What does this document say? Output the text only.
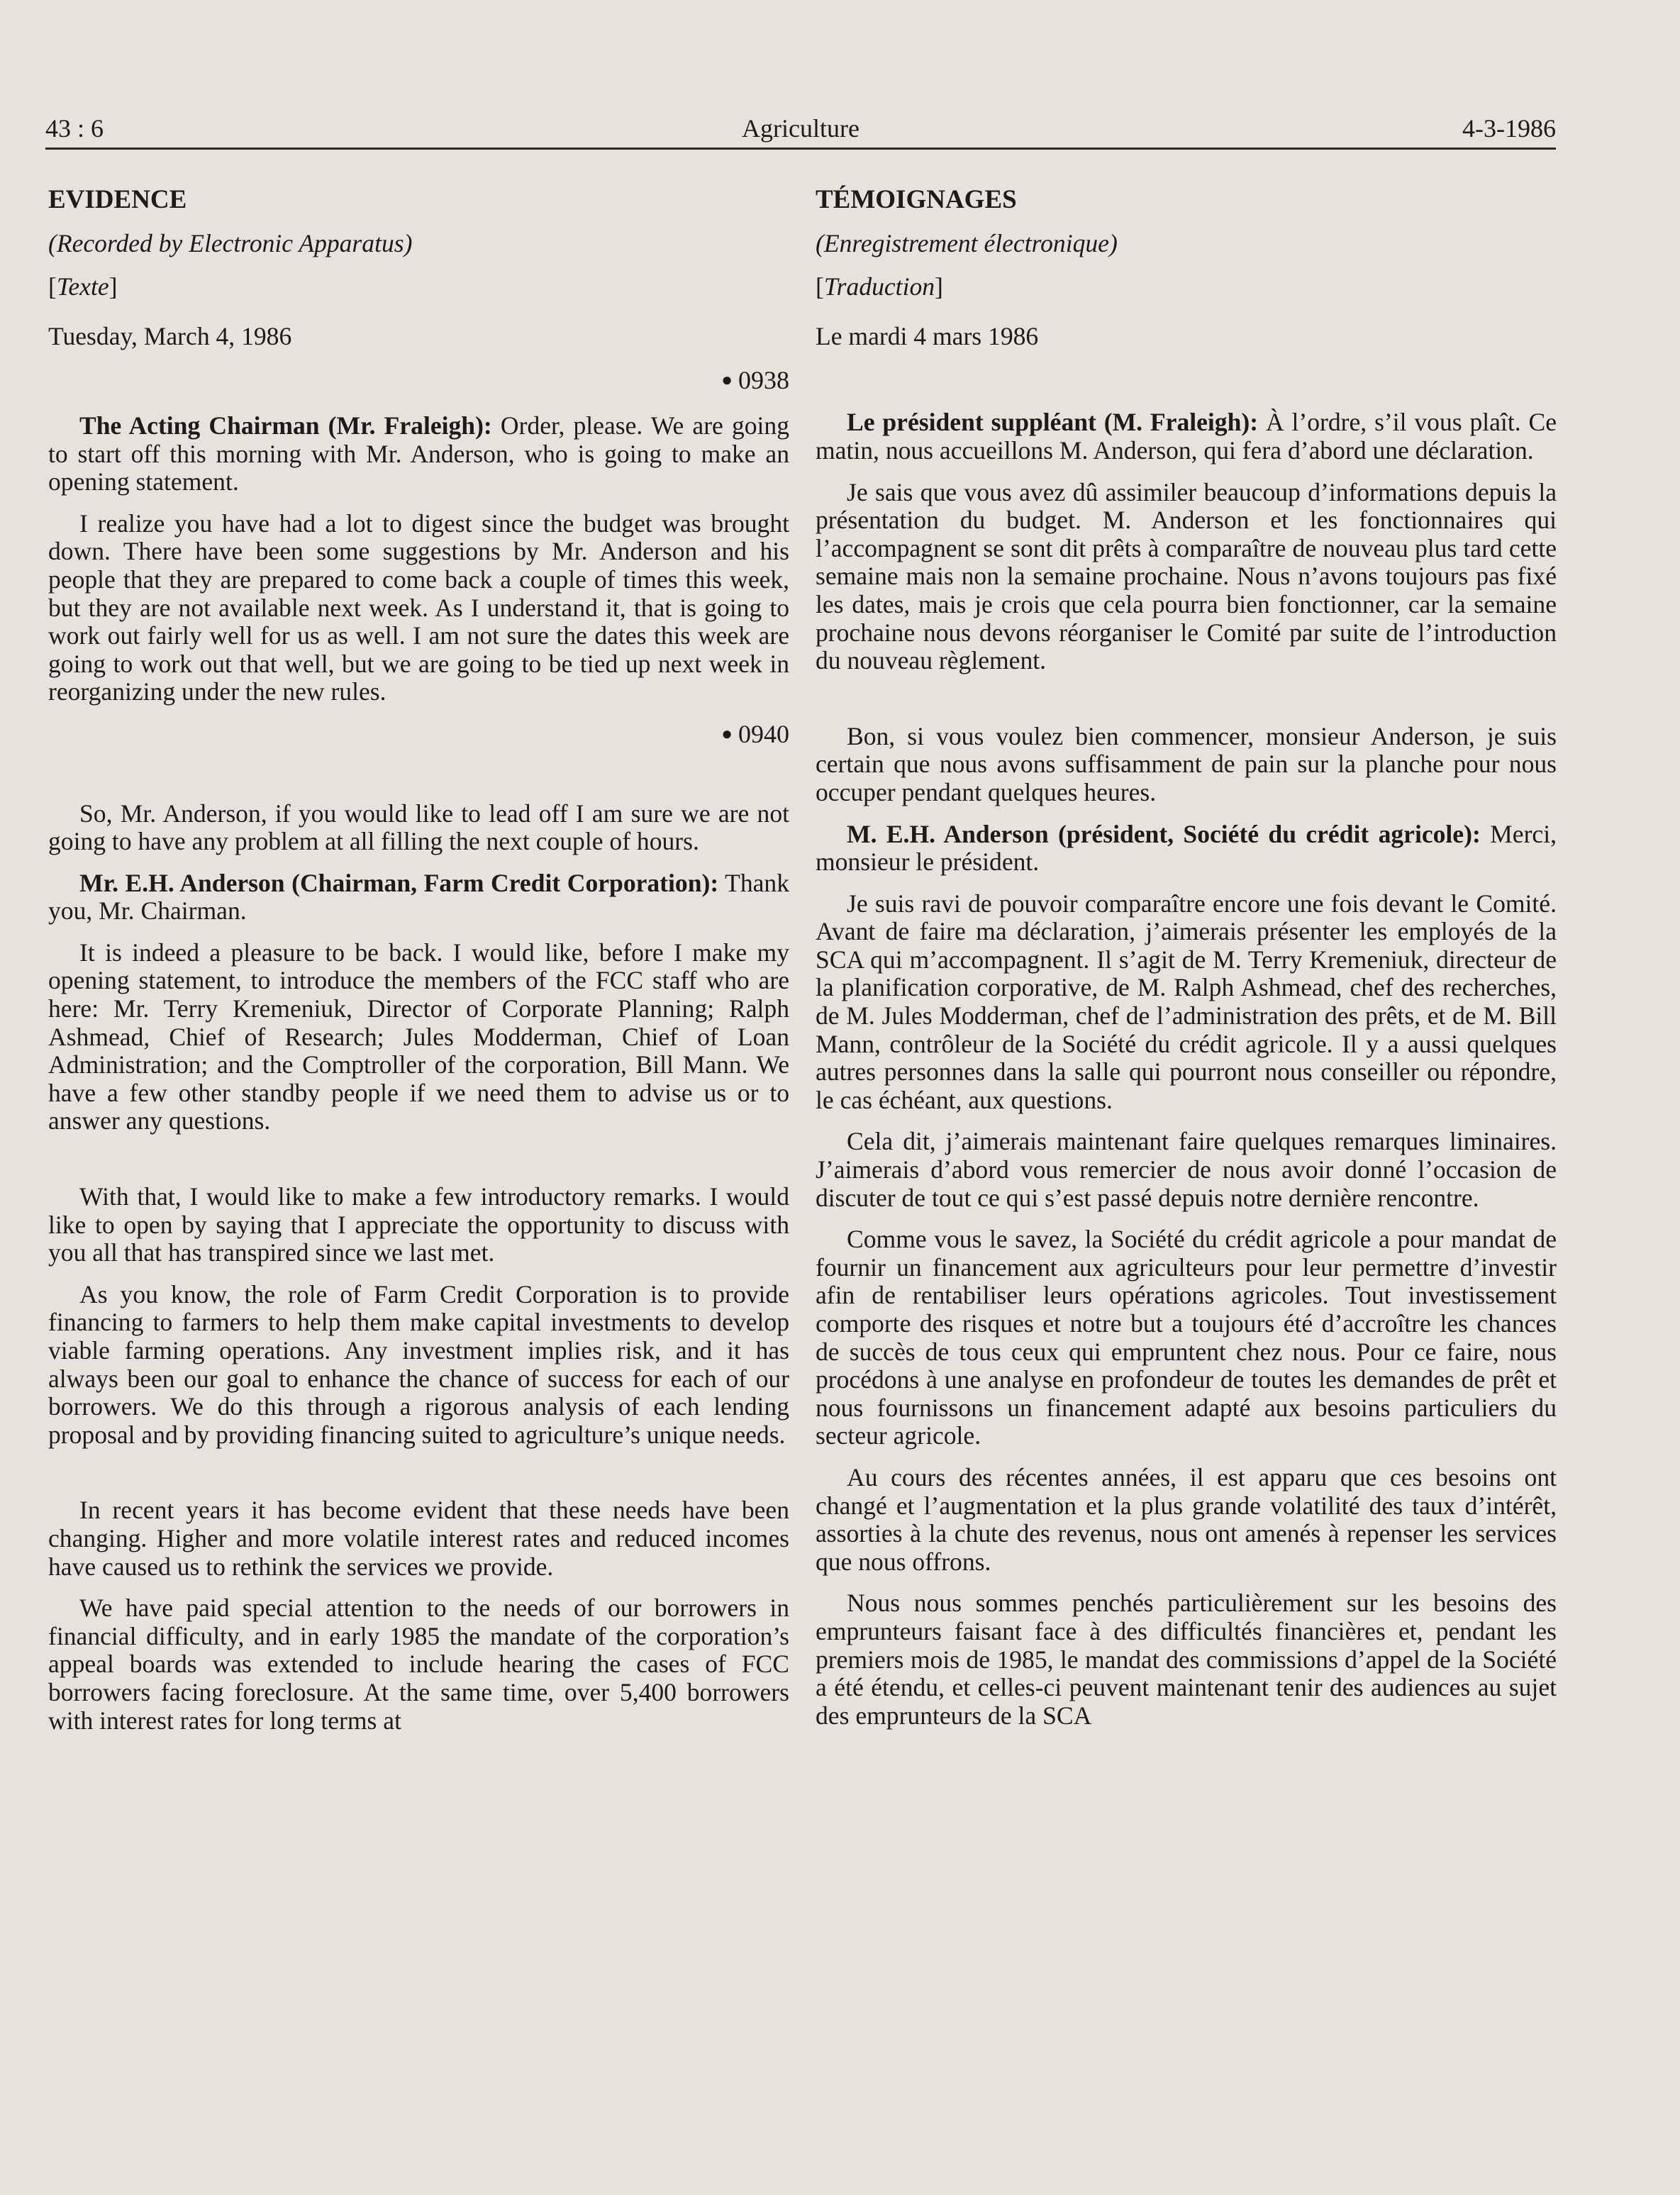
43 : 6	Agriculture	4-3-1986
EVIDENCE
(Recorded by Electronic Apparatus)
[Texte]
Tuesday, March 4, 1986
● 0938

The Acting Chairman (Mr. Fraleigh): Order, please. We are going to start off this morning with Mr. Anderson, who is going to make an opening statement.

I realize you have had a lot to digest since the budget was brought down. There have been some suggestions by Mr. Anderson and his people that they are prepared to come back a couple of times this week, but they are not available next week. As I understand it, that is going to work out fairly well for us as well. I am not sure the dates this week are going to work out that well, but we are going to be tied up next week in reorganizing under the new rules.

● 0940

So, Mr. Anderson, if you would like to lead off I am sure we are not going to have any problem at all filling the next couple of hours.

Mr. E.H. Anderson (Chairman, Farm Credit Corporation): Thank you, Mr. Chairman.

It is indeed a pleasure to be back. I would like, before I make my opening statement, to introduce the members of the FCC staff who are here: Mr. Terry Kremeniuk, Director of Corporate Planning; Ralph Ashmead, Chief of Research; Jules Modderman, Chief of Loan Administration; and the Comptroller of the corporation, Bill Mann. We have a few other standby people if we need them to advise us or to answer any questions.

With that, I would like to make a few introductory remarks. I would like to open by saying that I appreciate the opportunity to discuss with you all that has transpired since we last met.

As you know, the role of Farm Credit Corporation is to provide financing to farmers to help them make capital investments to develop viable farming operations. Any investment implies risk, and it has always been our goal to enhance the chance of success for each of our borrowers. We do this through a rigorous analysis of each lending proposal and by providing financing suited to agriculture’s unique needs.

In recent years it has become evident that these needs have been changing. Higher and more volatile interest rates and reduced incomes have caused us to rethink the services we provide.

We have paid special attention to the needs of our borrowers in financial difficulty, and in early 1985 the mandate of the corporation’s appeal boards was extended to include hearing the cases of FCC borrowers facing foreclosure. At the same time, over 5,400 borrowers with interest rates for long terms at

TÉMOIGNAGES
(Enregistrement électronique)
[Traduction]
Le mardi 4 mars 1986

Le président suppléant (M. Fraleigh): À l’ordre, s’il vous plaît. Ce matin, nous accueillons M. Anderson, qui fera d’abord une déclaration.

Je sais que vous avez dû assimiler beaucoup d’informations depuis la présentation du budget. M. Anderson et les fonctionnaires qui l’accompagnent se sont dit prêts à comparaître de nouveau plus tard cette semaine mais non la semaine prochaine. Nous n’avons toujours pas fixé les dates, mais je crois que cela pourra bien fonctionner, car la semaine prochaine nous devons réorganiser le Comité par suite de l’introduction du nouveau règlement.

Bon, si vous voulez bien commencer, monsieur Anderson, je suis certain que nous avons suffisamment de pain sur la planche pour nous occuper pendant quelques heures.

M. E.H. Anderson (président, Société du crédit agricole): Merci, monsieur le président.

Je suis ravi de pouvoir comparaître encore une fois devant le Comité. Avant de faire ma déclaration, j’aimerais présenter les employés de la SCA qui m’accompagnent. Il s’agit de M. Terry Kremeniuk, directeur de la planification corporative, de M. Ralph Ashmead, chef des recherches, de M. Jules Modderman, chef de l’administration des prêts, et de M. Bill Mann, contrôleur de la Société du crédit agricole. Il y a aussi quelques autres personnes dans la salle qui pourront nous conseiller ou répondre, le cas échéant, aux questions.

Cela dit, j’aimerais maintenant faire quelques remarques liminaires. J’aimerais d’abord vous remercier de nous avoir donné l’occasion de discuter de tout ce qui s’est passé depuis notre dernière rencontre.

Comme vous le savez, la Société du crédit agricole a pour mandat de fournir un financement aux agriculteurs pour leur permettre d’investir afin de rentabiliser leurs opérations agricoles. Tout investissement comporte des risques et notre but a toujours été d’accroître les chances de succès de tous ceux qui empruntent chez nous. Pour ce faire, nous procédons à une analyse en profondeur de toutes les demandes de prêt et nous fournissons un financement adapté aux besoins particuliers du secteur agricole.

Au cours des récentes années, il est apparu que ces besoins ont changé et l’augmentation et la plus grande volatilité des taux d’intérêt, assorties à la chute des revenus, nous ont amenés à repenser les services que nous offrons.

Nous nous sommes penchés particulièrement sur les besoins des emprunteurs faisant face à des difficultés financières et, pendant les premiers mois de 1985, le mandat des commissions d’appel de la Société a été étendu, et celles-ci peuvent maintenant tenir des audiences au sujet des emprunteurs de la SCA
